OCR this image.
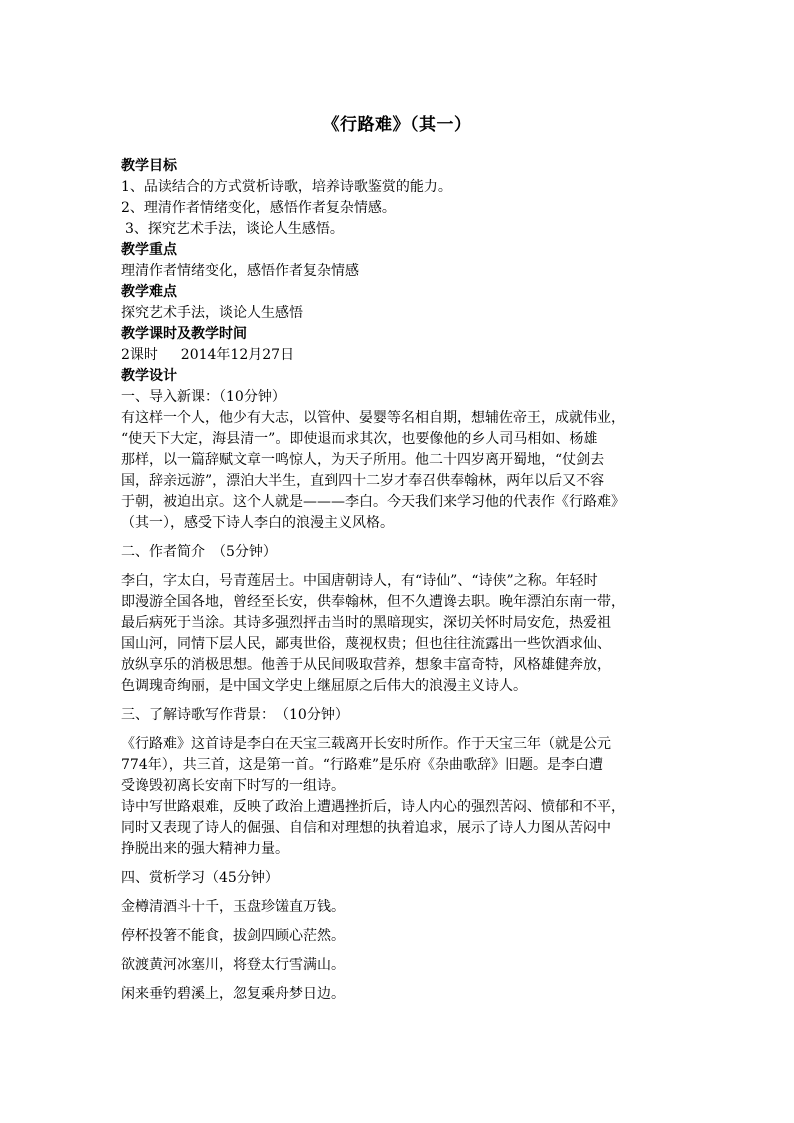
《行路难》（其一）

教学目标

1、品读结合的方式赏析诗歌，培养诗歌鉴赏的能力。

2、理清作者情绪变化，感悟作者复杂情感。

3、探究艺术手法，谈论人生感悟。

教学重点

理清作者情绪变化，感悟作者复杂情感

教学难点

探究艺术手法，谈论人生感悟

教学课时及教学时间

2课时　  2014年12月27日

教学设计

一、导入新课：（10分钟）

有这样一个人，他少有大志，以管仲、晏婴等名相自期，想辅佐帝王，成就伟业，

“使天下大定，海县清一”。即使退而求其次，也要像他的乡人司马相如、杨雄

那样，以一篇辞赋文章一鸣惊人，为天子所用。他二十四岁离开蜀地，“仗剑去

国，辞亲远游”，漂泊大半生，直到四十二岁才奉召供奉翰林，两年以后又不容

于朝，被迫出京。这个人就是———李白。今天我们来学习他的代表作《行路难》

（其一），感受下诗人李白的浪漫主义风格。

二、作者简介　（5分钟）

李白，字太白，号青莲居士。中国唐朝诗人，有“诗仙”、“诗侠”之称。年轻时

即漫游全国各地，曾经至长安，供奉翰林，但不久遭谗去职。晚年漂泊东南一带，

最后病死于当涂。其诗多强烈抨击当时的黑暗现实，深切关怀时局安危，热爱祖

国山河，同情下层人民，鄙夷世俗，蔑视权贵；但也往往流露出一些饮酒求仙、

放纵享乐的消极思想。他善于从民间吸取营养，想象丰富奇特，风格雄健奔放，

色调瑰奇绚丽，是中国文学史上继屈原之后伟大的浪漫主义诗人。

三、了解诗歌写作背景：　（10分钟）

《行路难》这首诗是李白在天宝三载离开长安时所作。作于天宝三年（就是公元

774年），共三首，这是第一首。“行路难”是乐府《杂曲歌辞》旧题。是李白遭

受谗毁初离长安南下时写的一组诗。

诗中写世路艰难，反映了政治上遭遇挫折后，诗人内心的强烈苦闷、愤郁和不平，

同时又表现了诗人的倔强、自信和对理想的执着追求，展示了诗人力图从苦闷中

挣脱出来的强大精神力量。

四、赏析学习（45分钟）

金樽清酒斗十千，玉盘珍馐直万钱。

停杯投箸不能食，拔剑四顾心茫然。

欲渡黄河冰塞川，将登太行雪满山。

闲来垂钓碧溪上，忽复乘舟梦日边。
